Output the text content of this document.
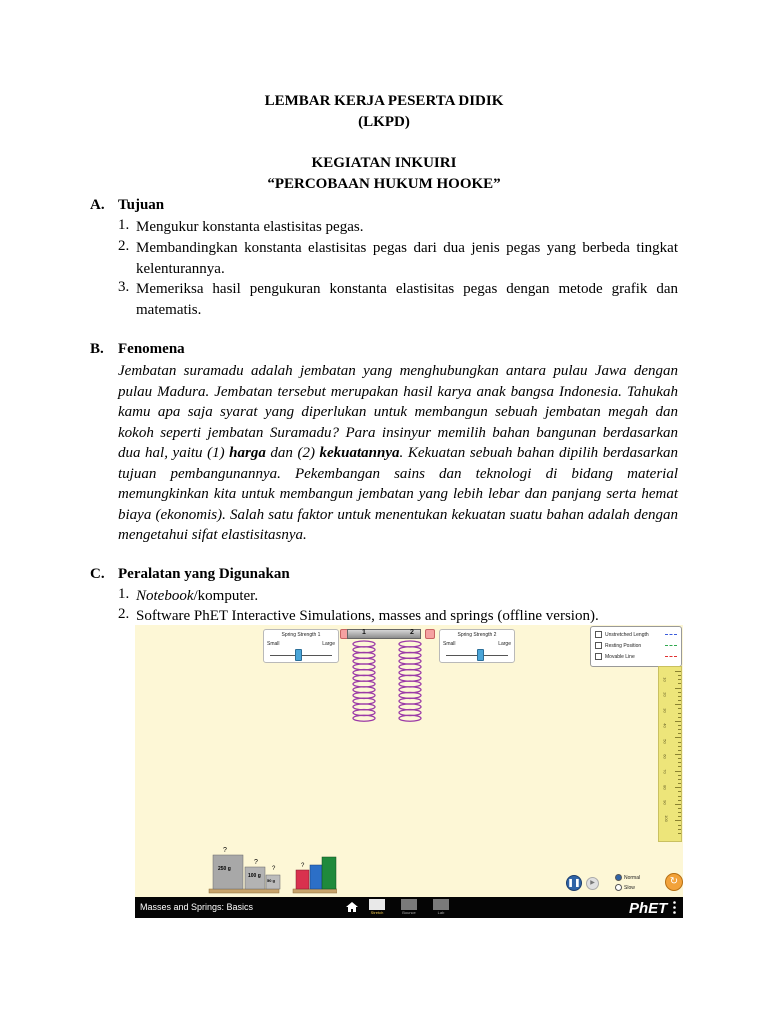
LEMBAR KERJA PESERTA DIDIK
(LKPD)
KEGIATAN INKUIRI
“PERCOBAAN HUKUM HOOKE”
A. Tujuan
1. Mengukur konstanta elastisitas pegas.
2. Membandingkan konstanta elastisitas pegas dari dua jenis pegas yang berbeda tingkat
kelenturannya.
3. Memeriksa hasil pengukuran konstanta elastisitas pegas dengan metode grafik dan
matematis.
B. Fenomena
Jembatan suramadu adalah jembatan yang menghubungkan antara pulau Jawa dengan
pulau Madura. Jembatan tersebut merupakan hasil karya anak bangsa Indonesia. Tahukah
kamu apa saja syarat yang diperlukan untuk membangun sebuah jembatan megah dan
kokoh seperti jembatan Suramadu? Para insinyur memilih bahan bangunan berdasarkan
dua hal, yaitu (1) harga dan (2) kekuatannya. Kekuatan sebuah bahan dipilih berdasarkan
tujuan pembangunannya. Pekembangan sains dan teknologi di bidang material
memungkinkan kita untuk membangun jembatan yang lebih lebar dan panjang serta hemat
biaya (ekonomis). Salah satu faktor untuk menentukan kekuatan suatu bahan adalah dengan
mengetahui sifat elastisitasnya.
C. Peralatan yang Digunakan
1. Notebook/komputer.
2. Software PhET Interactive Simulations, masses and springs (offline version).
Spring Strength 1
Small	Large
1	2	Spring Strength 2
Small	Large
Unstretched Length
Resting Position
Movable Line
10
20
30
40
50
60
70
80
90
100
250 g
100 g
50 g
?
?
?	?
❚❚	▶
Normal
Slow
↻
Masses and Springs: Basics
Stretch	Bounce	Lab	PhET
